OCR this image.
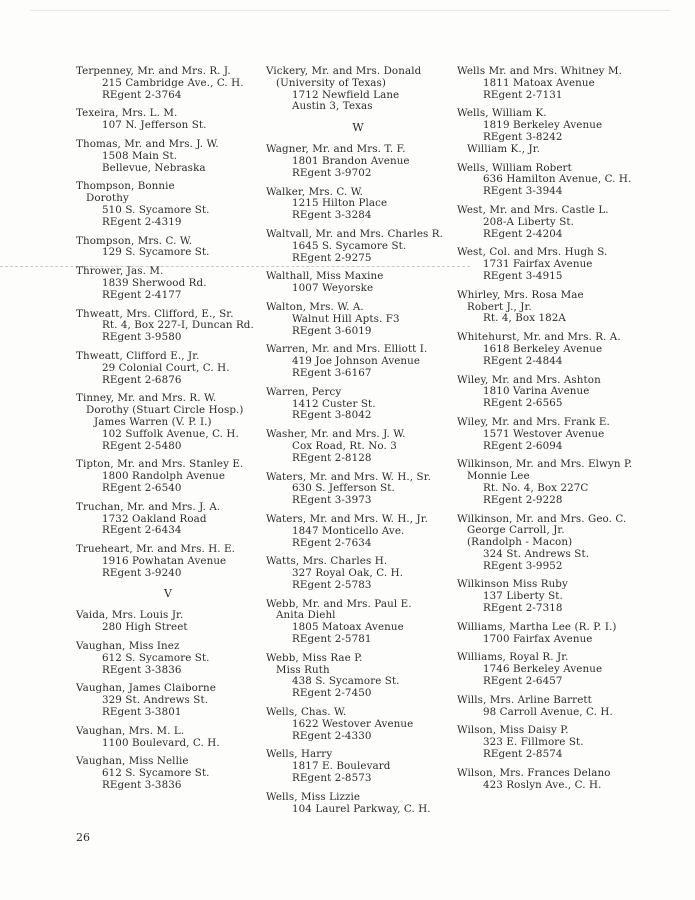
Terpenney, Mr. and Mrs. R. J.
215 Cambridge Ave., C. H.
REgent 2-3764
Texeira, Mrs. L. M.
107 N. Jefferson St.
Thomas, Mr. and Mrs. J. W.
1508 Main St.
Bellevue, Nebraska
Thompson, Bonnie
Dorothy
510 S. Sycamore St.
REgent 2-4319
Thompson, Mrs. C. W.
129 S. Sycamore St.
Thrower, Jas. M.
1839 Sherwood Rd.
REgent 2-4177
Thweatt, Mrs. Clifford, E., Sr.
Rt. 4, Box 227-I, Duncan Rd.
REgent 3-9580
Thweatt, Clifford E., Jr.
29 Colonial Court, C. H.
REgent 2-6876
Tinney, Mr. and Mrs. R. W.
Dorothy (Stuart Circle Hosp.)
James Warren (V. P. I.)
102 Suffolk Avenue, C. H.
REgent 2-5480
Tipton, Mr. and Mrs. Stanley E.
1800 Randolph Avenue
REgent 2-6540
Truchan, Mr. and Mrs. J. A.
1732 Oakland Road
REgent 2-6434
Trueheart, Mr. and Mrs. H. E.
1916 Powhatan Avenue
REgent 3-9240
V
Vaida, Mrs. Louis Jr.
280 High Street
Vaughan, Miss Inez
612 S. Sycamore St.
REgent 3-3836
Vaughan, James Claiborne
329 St. Andrews St.
REgent 3-3801
Vaughan, Mrs. M. L.
1100 Boulevard, C. H.
Vaughan, Miss Nellie
612 S. Sycamore St.
REgent 3-3836
Vickery, Mr. and Mrs. Donald
(University of Texas)
1712 Newfield Lane
Austin 3, Texas
W
Wagner, Mr. and Mrs. T. F.
1801 Brandon Avenue
REgent 3-9702
Walker, Mrs. C. W.
1215 Hilton Place
REgent 3-3284
Waltvall, Mr. and Mrs. Charles R.
1645 S. Sycamore St.
REgent 2-9275
Walthall, Miss Maxine
1007 Weyorske
Walton, Mrs. W. A.
Walnut Hill Apts. F3
REgent 3-6019
Warren, Mr. and Mrs. Elliott I.
419 Joe Johnson Avenue
REgent 3-6167
Warren, Percy
1412 Custer St.
REgent 3-8042
Washer, Mr. and Mrs. J. W.
Cox Road, Rt. No. 3
REgent 2-8128
Waters, Mr. and Mrs. W. H., Sr.
630 S. Jefferson St.
REgent 3-3973
Waters, Mr. and Mrs. W. H., Jr.
1847 Monticello Ave.
REgent 2-7634
Watts, Mrs. Charles H.
327 Royal Oak, C. H.
REgent 2-5783
Webb, Mr. and Mrs. Paul E.
Anita Diehl
1805 Matoax Avenue
REgent 2-5781
Webb, Miss Rae P.
Miss Ruth
438 S. Sycamore St.
REgent 2-7450
Wells, Chas. W.
1622 Westover Avenue
REgent 2-4330
Wells, Harry
1817 E. Boulevard
REgent 2-8573
Wells, Miss Lizzie
104 Laurel Parkway, C. H.
Wells Mr. and Mrs. Whitney M.
1811 Matoax Avenue
REgent 2-7131
Wells, William K.
1819 Berkeley Avenue
REgent 3-8242
William K., Jr.
Wells, William Robert
636 Hamilton Avenue, C. H.
REgent 3-3944
West, Mr. and Mrs. Castle L.
208-A Liberty St.
REgent 2-4204
West, Col. and Mrs. Hugh S.
1731 Fairfax Avenue
REgent 3-4915
Whirley, Mrs. Rosa Mae
Robert J., Jr.
Rt. 4, Box 182A
Whitehurst, Mr. and Mrs. R. A.
1618 Berkeley Avenue
REgent 2-4844
Wiley, Mr. and Mrs. Ashton
1810 Varina Avenue
REgent 2-6565
Wiley, Mr. and Mrs. Frank E.
1571 Westover Avenue
REgent 2-6094
Wilkinson, Mr. and Mrs. Elwyn P.
Monnie Lee
Rt. No. 4, Box 227C
REgent 2-9228
Wilkinson, Mr. and Mrs. Geo. C.
George Carroll, Jr.
(Randolph - Macon)
324 St. Andrews St.
REgent 3-9952
Wilkinson Miss Ruby
137 Liberty St.
REgent 2-7318
Williams, Martha Lee (R. P. I.)
1700 Fairfax Avenue
Williams, Royal R. Jr.
1746 Berkeley Avenue
REgent 2-6457
Wills, Mrs. Arline Barrett
98 Carroll Avenue, C. H.
Wilson, Miss Daisy P.
323 E. Fillmore St.
REgent 2-8574
Wilson, Mrs. Frances Delano
423 Roslyn Ave., C. H.
26
